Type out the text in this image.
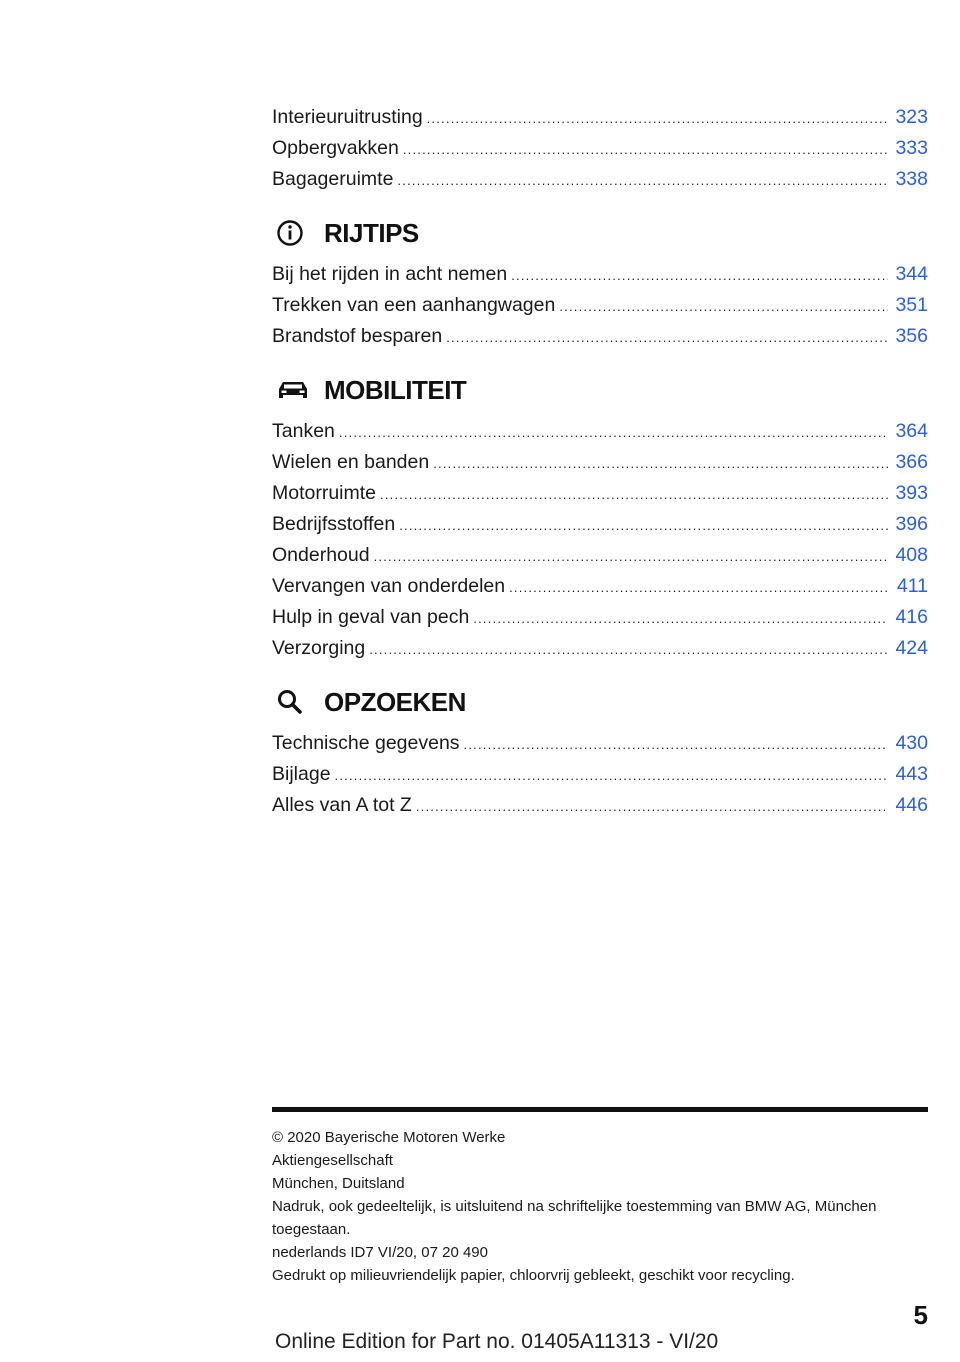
Interieuruitrusting .....	323
Opbergvakken .....	333
Bagageruimte .....	338
RIJTIPS
Bij het rijden in acht nemen .....	344
Trekken van een aanhangwagen .....	351
Brandstof besparen .....	356
MOBILITEIT
Tanken .....	364
Wielen en banden .....	366
Motorruimte .....	393
Bedrijfsstoffen .....	396
Onderhoud .....	408
Vervangen van onderdelen .....	411
Hulp in geval van pech .....	416
Verzorging .....	424
OPZOEKEN
Technische gegevens .....	430
Bijlage .....	443
Alles van A tot Z .....	446
© 2020 Bayerische Motoren Werke
Aktiengesellschaft
München, Duitsland
Nadruk, ook gedeeltelijk, is uitsluitend na schriftelijke toestemming van BMW AG, München
toegestaan.
nederlands ID7 VI/20, 07 20 490
Gedrukt op milieuvriendelijk papier, chloorvrij gebleekt, geschikt voor recycling.
5
Online Edition for Part no. 01405A11313 - VI/20
